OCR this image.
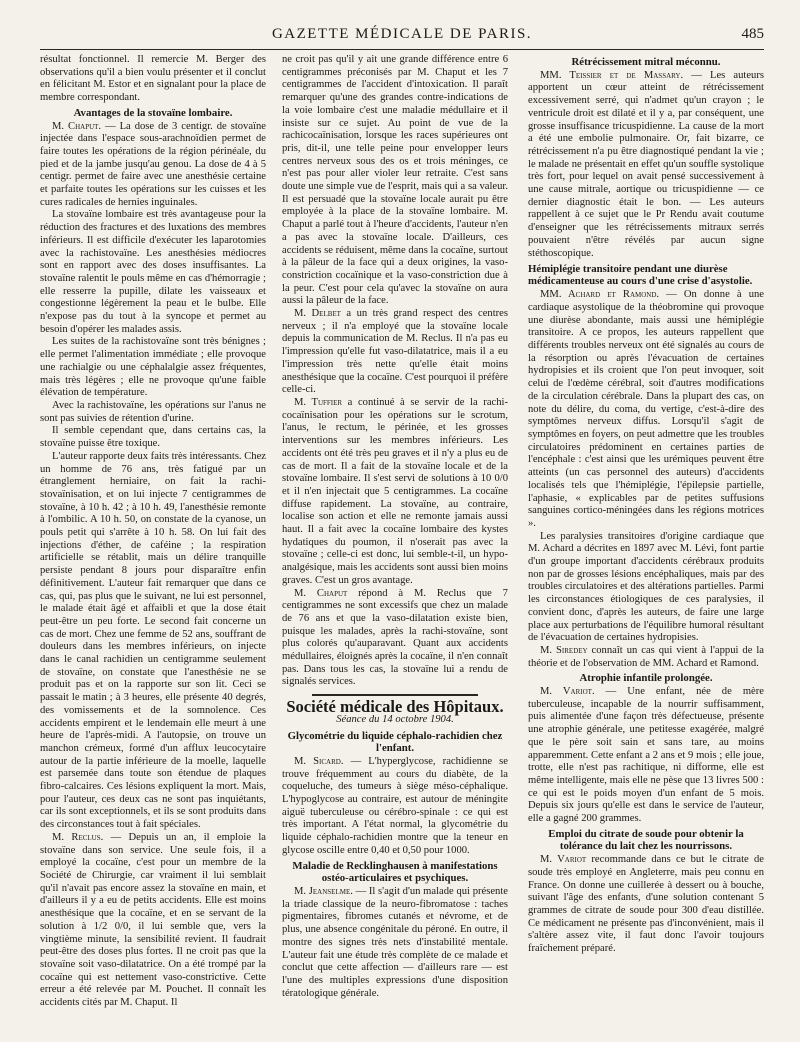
GAZETTE MÉDICALE DE PARIS.	485

résultat fonctionnel. Il remercie M. Berger des observations qu'il a bien voulu présenter et il conclut en félicitant M. Estor et en signalant pour la place de membre correspondant.

Avantages de la stovaïne lombaire.

M. Chaput. — La dose de 3 centigr. de stovaïne injectée dans l'espace sous-arachnoïdien permet de faire toutes les opérations de la région périnéale, du pied et de la jambe jusqu'au genou. La dose de 4 à 5 centigr. permet de faire avec une anesthésie certaine et parfaite toutes les opérations sur les cuisses et les cures radicales de hernies inguinales.

La stovaïne lombaire est très avantageuse pour la réduction des fractures et des luxations des membres inférieurs. Il est difficile d'exécuter les laparotomies avec la rachistovaïne. Les anesthésies médiocres sont en rapport avec des doses insuffisantes. La stovaïne ralentit le pouls même en cas d'hémorragie ; elle resserre la pupille, dilate les vaisseaux et congestionne légèrement la peau et le bulbe. Elle n'expose pas du tout à la syncope et permet au besoin d'opérer les malades assis.

Les suites de la rachistovaïne sont très bénignes ; elle permet l'alimentation immédiate ; elle provoque une rachialgie ou une céphalalgie assez fréquentes, mais très légères ; elle ne provoque qu'une faible élévation de température.

Avec la rachistovaïne, les opérations sur l'anus ne sont pas suivies de rétention d'urine.

Il semble cependant que, dans certains cas, la stovaïne puisse être toxique.

L'auteur rapporte deux faits très intéressants. Chez un homme de 76 ans, très fatigué par un étranglement herniaire, on fait la rachi-stovaïnisation, et on lui injecte 7 centigrammes de stovaïne, à 10 h. 42 ; à 10 h. 49, l'anesthésie remonte à l'ombilic. A 10 h. 50, on constate de la cyanose, un pouls petit qui s'arrête à 10 h. 58. On lui fait des injections d'éther, de caféine ; la respiration artificielle se rétablit, mais un délire tranquille persiste pendant 8 jours pour disparaître enfin définitivement. L'auteur fait remarquer que dans ce cas, qui, pas plus que le suivant, ne lui est personnel, le malade était âgé et affaibli et que la dose était peut-être un peu forte. Le second fait concerne un cas de mort. Chez une femme de 52 ans, souffrant de douleurs dans les membres inférieurs, on injecte dans le canal rachidien un centigramme seulement de stovaïne, on constate que l'anesthésie ne se produit pas et on la rapporte sur son lit. Ceci se passait le matin ; à 3 heures, elle présente 40 degrés, des vomissements et de la somnolence. Ces accidents empirent et le lendemain elle meurt à une heure de l'après-midi. A l'autopsie, on trouve un manchon crémeux, formé d'un afflux leucocytaire autour de la partie inférieure de la moelle, laquelle est parsemée dans toute son étendue de plaques fibro-calcaires. Ces lésions expliquent la mort. Mais, pour l'auteur, ces deux cas ne sont pas inquiétants, car ils sont exceptionnels, et ils se sont produits dans des circonstances tout à fait spéciales.

M. Reclus. — Depuis un an, il emploie la stovaïne dans son service. Une seule fois, il a employé la cocaïne, c'est pour un membre de la Société de Chirurgie, car vraiment il lui semblait qu'il n'avait pas encore assez la stovaïne en main, et d'ailleurs il y a eu de petits accidents. Elle est moins anesthésique que la cocaïne, et en se servant de la solution à 1/2 0/0, il lui semble que, vers la vingtième minute, la sensibilité revient. Il faudrait peut-être des doses plus fortes. Il ne croit pas que la stovaïne soit vaso-dilatatrice. On a été trompé par la cocaïne qui est nettement vaso-constrictive. Cette erreur a été relevée par M. Pouchet. Il connaît les accidents cités par M. Chaput. Il

ne croit pas qu'il y ait une grande différence entre 6 centigrammes préconisés par M. Chaput et les 7 centigrammes de l'accident d'intoxication. Il paraît remarquer qu'une des grandes contre-indications de la voie lombaire c'est une maladie médullaire et il insiste sur ce sujet. Au point de vue de la rachicocaïnisation, lorsque les races supérieures ont pris, dit-il, une telle peine pour envelopper leurs centres nerveux sous des os et trois méninges, ce n'est pas pour aller violer leur retraite. C'est sans doute une simple vue de l'esprit, mais qui a sa valeur. Il est persuadé que la stovaïne locale aurait pu être employée à la place de la stovaïne lombaire. M. Chaput a parlé tout à l'heure d'accidents, l'auteur n'en a pas avec la stovaïne locale. D'ailleurs, ces accidents se réduisent, même dans la cocaïne, surtout à la pâleur de la face qui a deux origines, la vaso-constriction cocaïnique et la vaso-constriction due à la peur. C'est pour cela qu'avec la stovaïne on aura aussi la pâleur de la face.

M. Delbet a un très grand respect des centres nerveux ; il n'a employé que la stovaïne locale depuis la communication de M. Reclus. Il n'a pas eu l'impression qu'elle fut vaso-dilatatrice, mais il a eu l'impression très nette qu'elle était moins anesthésique que la cocaïne. C'est pourquoi il préfère celle-ci.

M. Tuffier a continué à se servir de la rachi-cocaïnisation pour les opérations sur le scrotum, l'anus, le rectum, le périnée, et les grosses interventions sur les membres inférieurs. Les accidents ont été très peu graves et il n'y a plus eu de cas de mort. Il a fait de la stovaïne locale et de la stovaïne lombaire. Il s'est servi de solutions à 10 0/0 et il n'en injectait que 5 centigrammes. La cocaïne diffuse rapidement. La stovaïne, au contraire, localise son action et elle ne remonte jamais aussi haut. Il a fait avec la cocaïne lombaire des kystes hydatiques du poumon, il n'oserait pas avec la stovaïne ; celle-ci est donc, lui semble-t-il, un hypo-analgésique, mais les accidents sont aussi bien moins graves. C'est un gros avantage.

M. Chaput répond à M. Reclus que 7 centigrammes ne sont excessifs que chez un malade de 76 ans et que la vaso-dilatation existe bien, puisque les malades, après la rachi-stovaïne, sont plus colorés qu'auparavant. Quant aux accidents médullaires, éloignés après la cocaïne, il n'en connaît pas. Dans tous les cas, la stovaïne lui a rendu de signalés services.

Société médicale des Hôpitaux.
Séance du 14 octobre 1904.
Glycométrie du liquide céphalo-rachidien chez l'enfant.

M. Sicard. — L'hyperglycose, rachidienne se trouve fréquemment au cours du diabète, de la coqueluche, des tumeurs à siège méso-céphalique. L'hypoglycose au contraire, est autour de méningite aiguë tuberculeuse ou cérébro-spinale : ce qui est très important. A l'état normal, la glycométrie du liquide céphalo-rachidien montre que la teneur en glycose oscille entre 0,40 et 0,50 pour 1000.

Maladie de Recklinghausen à manifestations ostéo-articulaires et psychiques.

M. Jeanselme. — Il s'agit d'un malade qui présente la triade classique de la neuro-fibromatose : taches pigmentaires, fibromes cutanés et névrome, et de plus, une absence congénitale du péroné. En outre, il montre des signes très nets d'instabilité mentale. L'auteur fait une étude très complète de ce malade et conclut que cette affection — d'ailleurs rare — est l'une des multiples expressions d'une disposition tératologique générale.

Rétrécissement mitral méconnu.

MM. Teissier et de Massary. — Les auteurs apportent un cœur atteint de rétrécissement excessivement serré, qui n'admet qu'un crayon ; le ventricule droit est dilaté et il y a, par conséquent, une grosse insuffisance tricuspidienne. La cause de la mort a été une embolie pulmonaire. Or, fait bizarre, ce rétrécissement n'a pu être diagnostiqué pendant la vie ; le malade ne présentait en effet qu'un souffle systolique très fort, pour lequel on avait pensé successivement à une cause mitrale, aortique ou tricuspidienne — ce dernier diagnostic était le bon. — Les auteurs rappellent à ce sujet que le Pr Rendu avait coutume d'enseigner que les rétrécissements mitraux serrés pouvaient n'être révélés par aucun signe stéthoscopique.

Hémiplégie transitoire pendant une diurèse médicamenteuse au cours d'une crise d'asystolie.

MM. Achard et Ramond. — On donne à une cardiaque asystolique de la théobromine qui provoque une diurèse abondante, mais aussi une hémiplégie transitoire. A ce propos, les auteurs rappellent que différents troubles nerveux ont été signalés au cours de la résorption ou après l'évacuation de certaines hydropisies et ils croient que l'on peut invoquer, soit celui de l'œdème cérébral, soit d'autres modifications de la circulation cérébrale. Dans la plupart des cas, on note du délire, du coma, du vertige, c'est-à-dire des symptômes nerveux diffus. Lorsqu'il s'agit de symptômes en foyers, on peut admettre que les troubles circulatoires prédominent en certaines parties de l'encéphale : c'est ainsi que les urémiques peuvent être atteints (un cas personnel des auteurs) d'accidents localisés tels que l'hémiplégie, l'épilepsie partielle, l'aphasie, « explicables par de petites suffusions sanguines cortico-méningées dans les régions motrices ».

Les paralysies transitoires d'origine cardiaque que M. Achard a décrites en 1897 avec M. Lévi, font partie d'un groupe important d'accidents cérébraux produits non par de grosses lésions encéphaliques, mais par des troubles circulatoires et des altérations partielles. Parmi les circonstances étiologiques de ces paralysies, il convient donc, d'après les auteurs, de faire une large place aux perturbations de l'équilibre humoral résultant de l'évacuation de certaines hydropisies.

M. Siredey connaît un cas qui vient à l'appui de la théorie et de l'observation de MM. Achard et Ramond.

Atrophie infantile prolongée.

M. Variot. — Une enfant, née de mère tuberculeuse, incapable de la nourrir suffisamment, puis alimentée d'une façon très défectueuse, présente une atrophie générale, une petitesse exagérée, malgré que le père soit sain et sans tare, au moins apparemment. Cette enfant a 2 ans et 9 mois ; elle joue, trotte, elle n'est pas rachitique, ni difforme, elle est même intelligente, mais elle ne pèse que 13 livres 500 : ce qui est le poids moyen d'un enfant de 5 mois. Depuis six jours qu'elle est dans le service de l'auteur, elle a gagné 200 grammes.

Emploi du citrate de soude pour obtenir la tolérance du lait chez les nourrissons.

M. Variot recommande dans ce but le citrate de soude très employé en Angleterre, mais peu connu en France. On donne une cuillerée à dessert ou à bouche, suivant l'âge des enfants, d'une solution contenant 5 grammes de citrate de soude pour 300 d'eau distillée. Ce médicament ne présente pas d'inconvénient, mais il s'altère assez vite, il faut donc l'avoir toujours fraîchement préparé.
